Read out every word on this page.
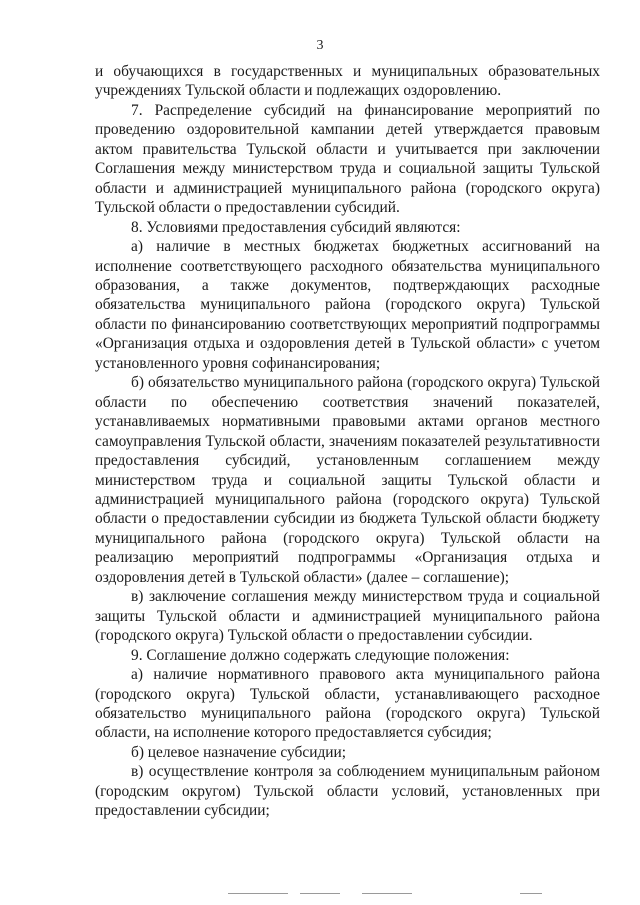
3

и обучающихся в государственных и муниципальных образовательных учреждениях Тульской области и подлежащих оздоровлению.

7. Распределение субсидий на финансирование мероприятий по проведению оздоровительной кампании детей утверждается правовым актом правительства Тульской области и учитывается при заключении Соглашения между министерством труда и социальной защиты Тульской области и администрацией муниципального района (городского округа) Тульской области о предоставлении субсидий.

8. Условиями предоставления субсидий являются:

а) наличие в местных бюджетах бюджетных ассигнований на исполнение соответствующего расходного обязательства муниципального образования, а также документов, подтверждающих расходные обязательства муниципального района (городского округа) Тульской области по финансированию соответствующих мероприятий подпрограммы «Организация отдыха и оздоровления детей в Тульской области» с учетом установленного уровня софинансирования;

б) обязательство муниципального района (городского округа) Тульской области по обеспечению соответствия значений показателей, устанавливаемых нормативными правовыми актами органов местного самоуправления Тульской области, значениям показателей результативности предоставления субсидий, установленным соглашением между министерством труда и социальной защиты Тульской области и администрацией муниципального района (городского округа) Тульской области о предоставлении субсидии из бюджета Тульской области бюджету муниципального района (городского округа) Тульской области на реализацию мероприятий подпрограммы «Организация отдыха и оздоровления детей в Тульской области» (далее – соглашение);

в) заключение соглашения между министерством труда и социальной защиты Тульской области и администрацией муниципального района (городского округа) Тульской области о предоставлении субсидии.

9. Соглашение должно содержать следующие положения:

а) наличие нормативного правового акта муниципального района (городского округа) Тульской области, устанавливающего расходное обязательство муниципального района (городского округа) Тульской области, на исполнение которого предоставляется субсидия;

б) целевое назначение субсидии;

в) осуществление контроля за соблюдением муниципальным районом (городским округом) Тульской области условий, установленных при предоставлении субсидии;
